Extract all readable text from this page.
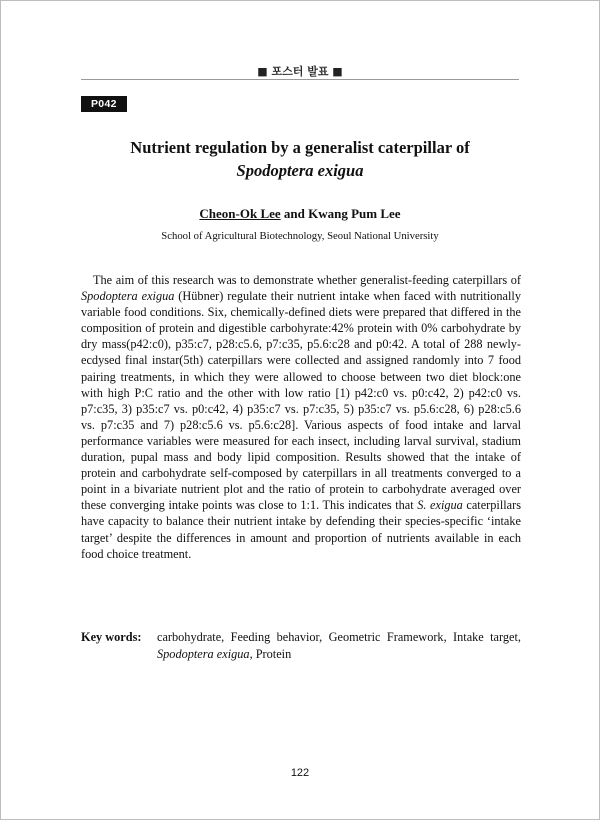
■ 포스터 발표 ■
P042
Nutrient regulation by a generalist caterpillar of

Spodoptera exigua
Cheon-Ok Lee and Kwang Pum Lee
School of Agricultural Biotechnology, Seoul National University
The aim of this research was to demonstrate whether generalist-feeding caterpillars of Spodoptera exigua (Hübner) regulate their nutrient intake when faced with nutritionally variable food conditions. Six, chemically-defined diets were prepared that differed in the composition of protein and digestible carbohyrate:42% protein with 0% carbohydrate by dry mass(p42:c0), p35:c7, p28:c5.6, p7:c35, p5.6:c28 and p0:42. A total of 288 newly-ecdysed final instar(5th) caterpillars were collected and assigned randomly into 7 food pairing treatments, in which they were allowed to choose between two diet block:one with high P:C ratio and the other with low ratio [1) p42:c0 vs. p0:c42, 2) p42:c0 vs. p7:c35, 3) p35:c7 vs. p0:c42, 4) p35:c7 vs. p7:c35, 5) p35:c7 vs. p5.6:c28, 6) p28:c5.6 vs. p7:c35 and 7) p28:c5.6 vs. p5.6:c28]. Various aspects of food intake and larval performance variables were measured for each insect, including larval survival, stadium duration, pupal mass and body lipid composition. Results showed that the intake of protein and carbohydrate self-composed by caterpillars in all treatments converged to a point in a bivariate nutrient plot and the ratio of protein to carbohydrate averaged over these converging intake points was close to 1:1. This indicates that S. exigua caterpillars have capacity to balance their nutrient intake by defending their species-specific ‘intake target’ despite the differences in amount and proportion of nutrients available in each food choice treatment.
Key words:	carbohydrate, Feeding behavior, Geometric Framework, Intake target, Spodoptera exigua, Protein
122
